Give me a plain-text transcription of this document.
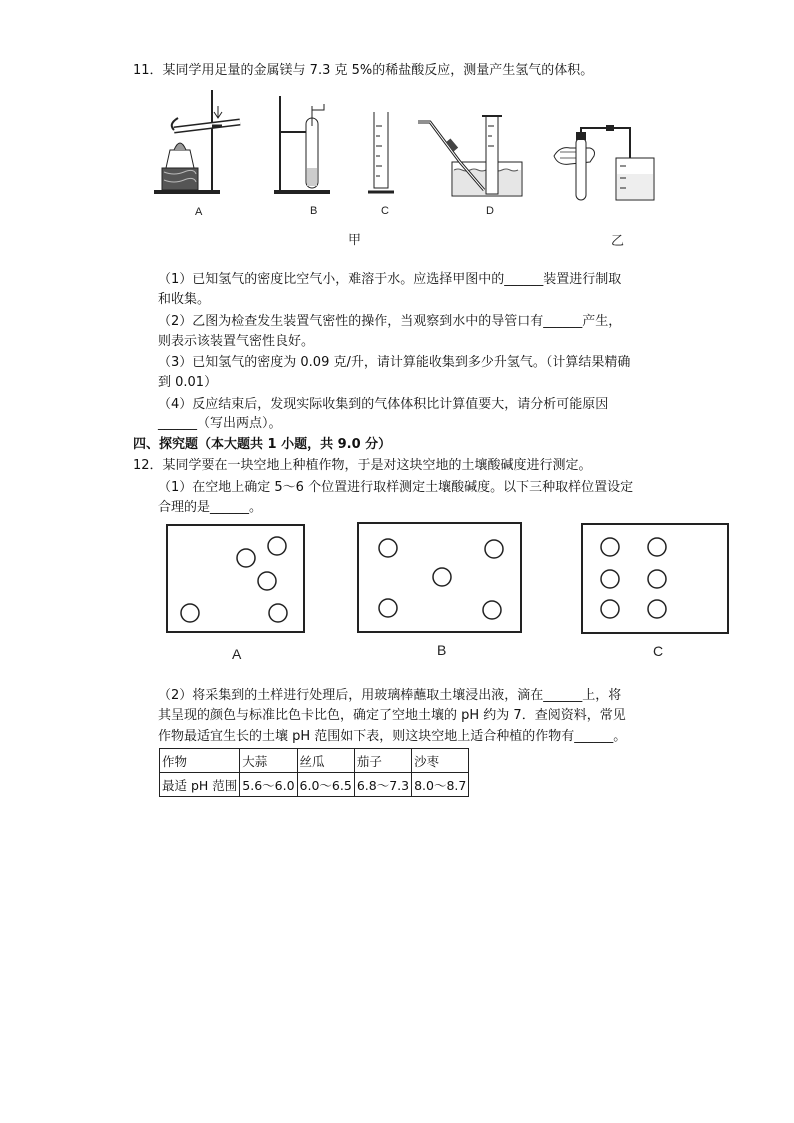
11．某同学用足量的金属镁与 7.3 克 5%的稀盐酸反应，测量产生氢气的体积。
A	B	C	D
甲	乙
（1）已知氢气的密度比空气小，难溶于水。应选择甲图中的______装置进行制取
和收集。
（2）乙图为检查发生装置气密性的操作，当观察到水中的导管口有______产生，
则表示该装置气密性良好。
（3）已知氢气的密度为 0.09 克/升，请计算能收集到多少升氢气。（计算结果精确
到 0.01）
（4）反应结束后，发现实际收集到的气体体积比计算值要大，请分析可能原因
______（写出两点）。
四、探究题（本大题共 1 小题，共 9.0 分）
12．某同学要在一块空地上种植作物，于是对这块空地的土壤酸碱度进行测定。
（1）在空地上确定 5～6 个位置进行取样测定土壤酸碱度。以下三种取样位置设定
合理的是______。
A	B	C
（2）将采集到的土样进行处理后，用玻璃棒蘸取土壤浸出液，滴在______上，将
其呈现的颜色与标准比色卡比色，确定了空地土壤的 pH 约为 7．查阅资料，常见
作物最适宜生长的土壤 pH 范围如下表，则这块空地上适合种植的作物有______。
作物	大蒜	丝瓜	茄子	沙枣
最适 pH 范围	5.6～6.0	6.0～6.5	6.8～7.3	8.0～8.7
